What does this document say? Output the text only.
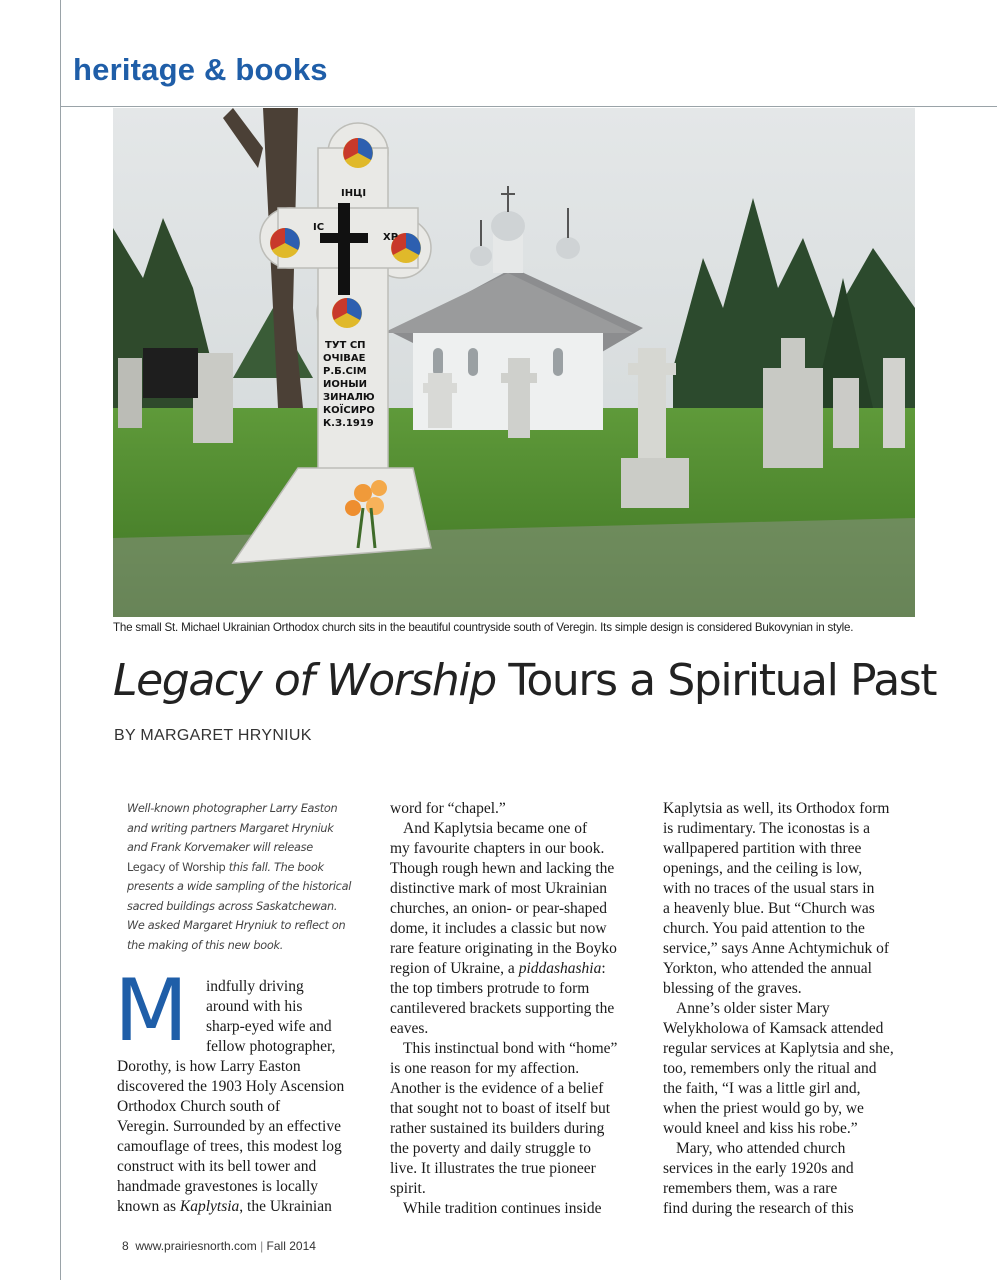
heritage & books
ІНЦІ
ІС
ХР
ТУТ СП
ОЧІВАЕ
Р.Б.СІМ
ИОНЫИ
ЗИНАЛЮ
КОЇСИРО
К.З.1919

The small St. Michael Ukrainian Orthodox church sits in the beautiful countryside south of Veregin. Its simple design is considered Bukovynian in style.

Legacy of Worship Tours a Spiritual Past

BY MARGARET HRYNIUK

Well-known photographer Larry Easton
and writing partners Margaret Hryniuk
and Frank Korvemaker will release
Legacy of Worship this fall. The book
presents a wide sampling of the historical
sacred buildings across Saskatchewan.
We asked Margaret Hryniuk to reflect on
the making of this new book.
M	indfully driving
around with his
sharp-eyed wife and
fellow photographer,
Dorothy, is how Larry Easton
discovered the 1903 Holy Ascension
Orthodox Church south of
Veregin. Surrounded by an effective
camouflage of trees, this modest log
construct with its bell tower and
handmade gravestones is locally
known as Kaplytsia, the Ukrainian
word for “chapel.”
And Kaplytsia became one of
my favourite chapters in our book.
Though rough hewn and lacking the
distinctive mark of most Ukrainian
churches, an onion- or pear-shaped
dome, it includes a classic but now
rare feature originating in the Boyko
region of Ukraine, a piddashashia:
the top timbers protrude to form
cantilevered brackets supporting the
eaves.
This instinctual bond with “home”
is one reason for my affection.
Another is the evidence of a belief
that sought not to boast of itself but
rather sustained its builders during
the poverty and daily struggle to
live. It illustrates the true pioneer
spirit.
While tradition continues inside
Kaplytsia as well, its Orthodox form
is rudimentary. The iconostas is a
wallpapered partition with three
openings, and the ceiling is low,
with no traces of the usual stars in
a heavenly blue. But “Church was
church. You paid attention to the
service,” says Anne Achtymichuk of
Yorkton, who attended the annual
blessing of the graves.
Anne’s older sister Mary
Welykholowa of Kamsack attended
regular services at Kaplytsia and she,
too, remembers only the ritual and
the faith, “I was a little girl and,
when the priest would go by, we
would kneel and kiss his robe.”
Mary, who attended church
services in the early 1920s and
remembers them, was a rare
find during the research of this

8 www.prairiesnorth.com | Fall 2014
